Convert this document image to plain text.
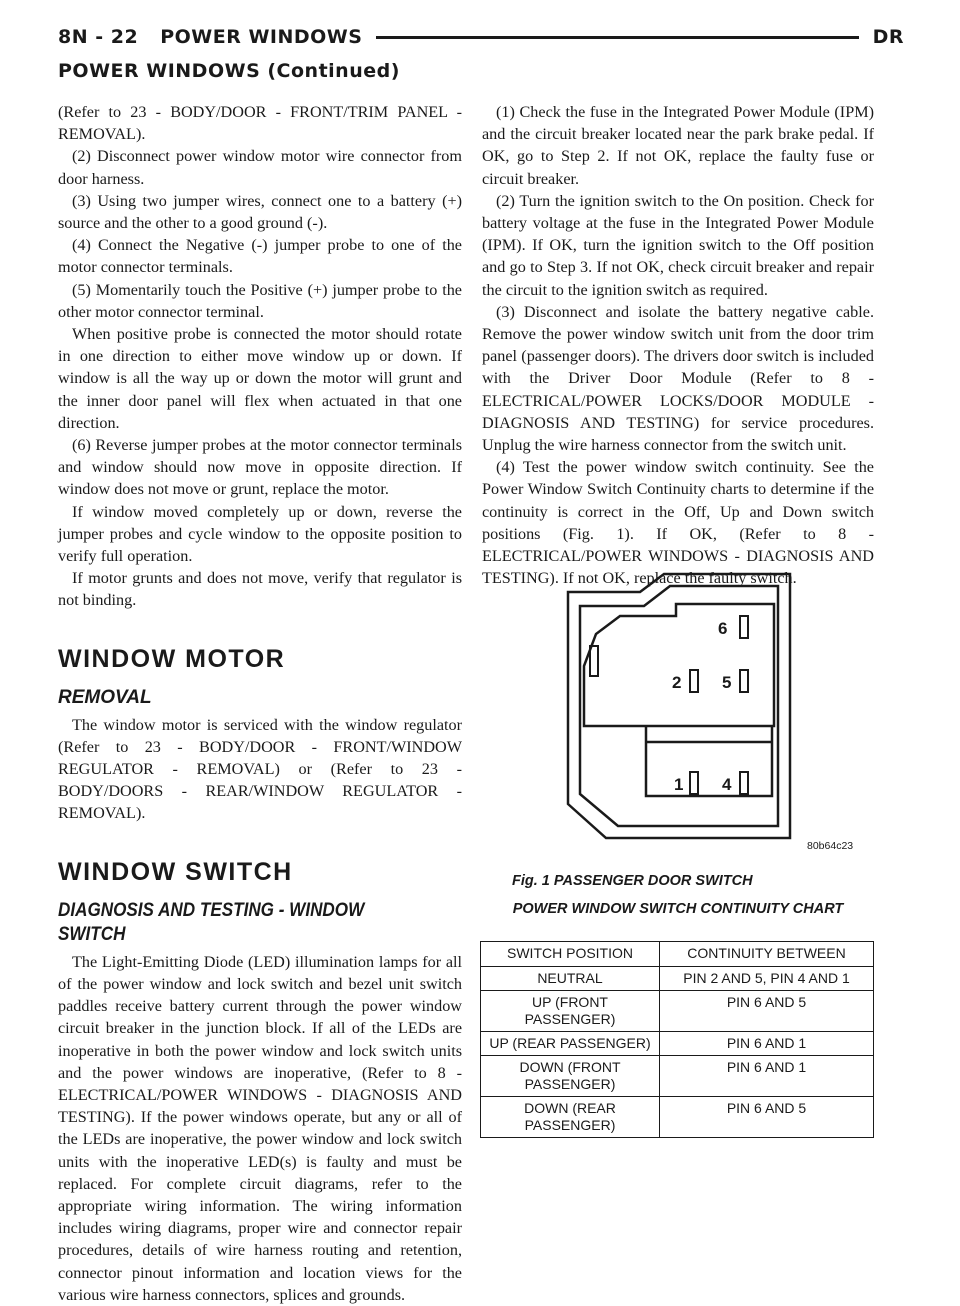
8N - 22 POWER WINDOWS	DR
POWER WINDOWS (Continued)

(Refer to 23 - BODY/DOOR - FRONT/TRIM PANEL - REMOVAL).

(2) Disconnect power window motor wire connector from door harness.

(3) Using two jumper wires, connect one to a battery (+) source and the other to a good ground (-).

(4) Connect the Negative (-) jumper probe to one of the motor connector terminals.

(5) Momentarily touch the Positive (+) jumper probe to the other motor connector terminal.

When positive probe is connected the motor should rotate in one direction to either move window up or down. If window is all the way up or down the motor will grunt and the inner door panel will flex when actuated in that one direction.

(6) Reverse jumper probes at the motor connector terminals and window should now move in opposite direction. If window does not move or grunt, replace the motor.

If window moved completely up or down, reverse the jumper probes and cycle window to the opposite position to verify full operation.

If motor grunts and does not move, verify that regulator is not binding.

WINDOW MOTOR
REMOVAL

The window motor is serviced with the window regulator (Refer to 23 - BODY/DOOR - FRONT/WINDOW REGULATOR - REMOVAL) or (Refer to 23 - BODY/DOORS - REAR/WINDOW REGULATOR - REMOVAL).

WINDOW SWITCH
DIAGNOSIS AND TESTING - WINDOW SWITCH

The Light-Emitting Diode (LED) illumination lamps for all of the power window and lock switch and bezel unit switch paddles receive battery current through the power window circuit breaker in the junction block. If all of the LEDs are inoperative in both the power window and lock switch units and the power windows are inoperative, (Refer to 8 - ELECTRICAL/POWER WINDOWS - DIAGNOSIS AND TESTING). If the power windows operate, but any or all of the LEDs are inoperative, the power window and lock switch units with the inoperative LED(s) is faulty and must be replaced. For complete circuit diagrams, refer to the appropriate wiring information. The wiring information includes wiring diagrams, proper wire and connector repair procedures, details of wire harness routing and retention, connector pinout information and location views for the various wire harness connectors, splices and grounds.

(1) Check the fuse in the Integrated Power Module (IPM) and the circuit breaker located near the park brake pedal. If OK, go to Step 2. If not OK, replace the faulty fuse or circuit breaker.

(2) Turn the ignition switch to the On position. Check for battery voltage at the fuse in the Integrated Power Module (IPM). If OK, turn the ignition switch to the Off position and go to Step 3. If not OK, check circuit breaker and repair the circuit to the ignition switch as required.

(3) Disconnect and isolate the battery negative cable. Remove the power window switch unit from the door trim panel (passenger doors). The drivers door switch is included with the Driver Door Module (Refer to 8 - ELECTRICAL/POWER LOCKS/DOOR MODULE - DIAGNOSIS AND TESTING) for service procedures. Unplug the wire harness connector from the switch unit.

(4) Test the power window switch continuity. See the Power Window Switch Continuity charts to determine if the continuity is correct in the Off, Up and Down switch positions (Fig. 1). If OK, (Refer to 8 - ELECTRICAL/POWER WINDOWS - DIAGNOSIS AND TESTING). If not OK, replace the faulty switch.

6
2 5
1 4
80b64c23
Fig. 1 PASSENGER DOOR SWITCH
POWER WINDOW SWITCH CONTINUITY CHART
SWITCH POSITION	CONTINUITY BETWEEN
NEUTRAL	PIN 2 AND 5, PIN 4 AND 1
UP (FRONT PASSENGER)	PIN 6 AND 5
UP (REAR PASSENGER)	PIN 6 AND 1
DOWN (FRONT PASSENGER)	PIN 6 AND 1
DOWN (REAR PASSENGER)	PIN 6 AND 5
